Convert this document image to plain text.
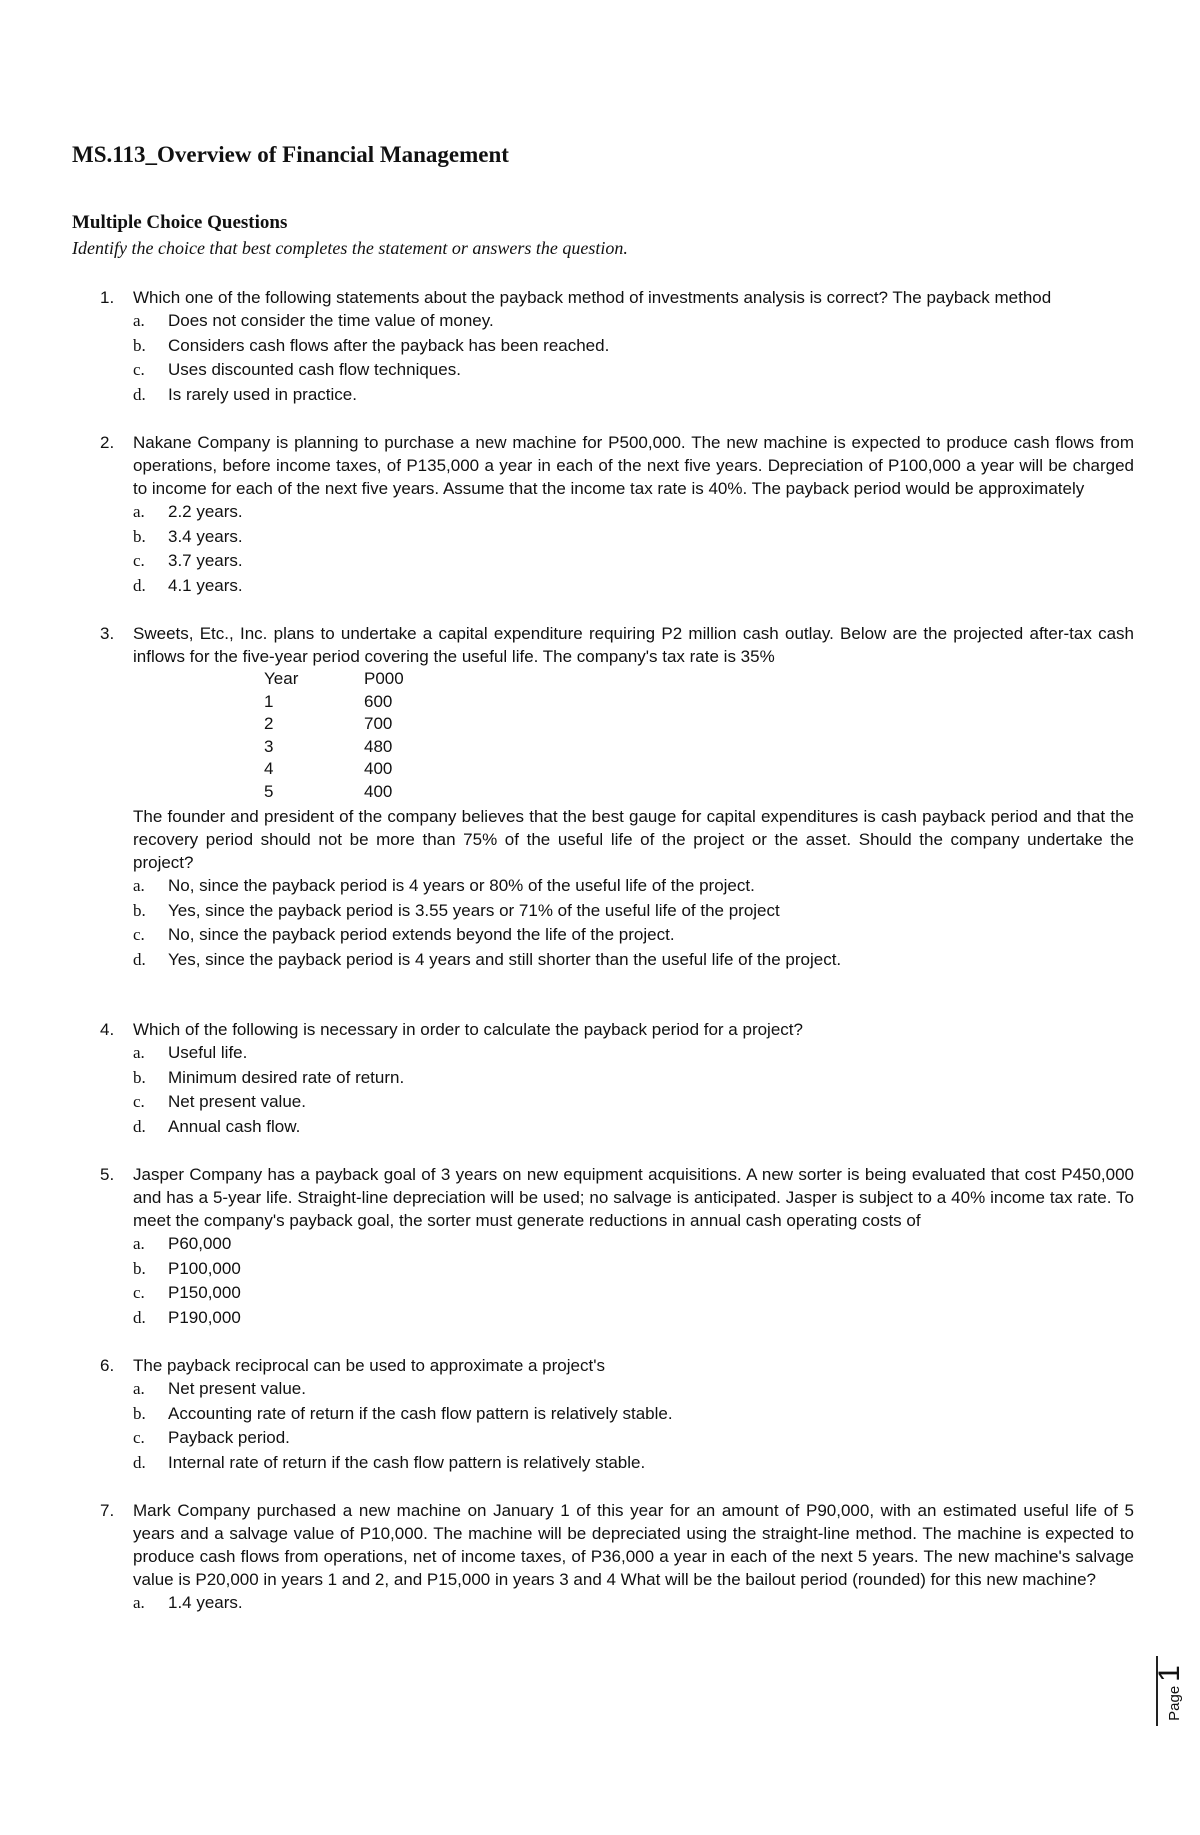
MS.113_Overview of Financial Management
Multiple Choice Questions

Identify the choice that best completes the statement or answers the question.

1. Which one of the following statements about the payback method of investments analysis is correct? The payback method

a. Does not consider the time value of money.
b. Considers cash flows after the payback has been reached.
c. Uses discounted cash flow techniques.
d. Is rarely used in practice.
2. Nakane Company is planning to purchase a new machine for P500,000. The new machine is expected to produce cash flows from operations, before income taxes, of P135,000 a year in each of the next five years. Depreciation of P100,000 a year will be charged to income for each of the next five years. Assume that the income tax rate is 40%. The payback period would be approximately

a. 2.2 years.
b. 3.4 years.
c. 3.7 years.
d. 4.1 years.
3. Sweets, Etc., Inc. plans to undertake a capital expenditure requiring P2 million cash outlay. Below are the projected after-tax cash inflows for the five-year period covering the useful life. The company's tax rate is 35%

Year	P000
1	600
2	700
3	480
4	400
5	400

The founder and president of the company believes that the best gauge for capital expenditures is cash payback period and that the recovery period should not be more than 75% of the useful life of the project or the asset. Should the company undertake the project?

a. No, since the payback period is 4 years or 80% of the useful life of the project.
b. Yes, since the payback period is 3.55 years or 71% of the useful life of the project
c. No, since the payback period extends beyond the life of the project.
d. Yes, since the payback period is 4 years and still shorter than the useful life of the project.
4. Which of the following is necessary in order to calculate the payback period for a project?

a. Useful life.
b. Minimum desired rate of return.
c. Net present value.
d. Annual cash flow.
5. Jasper Company has a payback goal of 3 years on new equipment acquisitions. A new sorter is being evaluated that cost P450,000 and has a 5-year life. Straight-line depreciation will be used; no salvage is anticipated. Jasper is subject to a 40% income tax rate. To meet the company's payback goal, the sorter must generate reductions in annual cash operating costs of

a. P60,000
b. P100,000
c. P150,000
d. P190,000
6. The payback reciprocal can be used to approximate a project's

a. Net present value.
b. Accounting rate of return if the cash flow pattern is relatively stable.
c. Payback period.
d. Internal rate of return if the cash flow pattern is relatively stable.
7. Mark Company purchased a new machine on January 1 of this year for an amount of P90,000, with an estimated useful life of 5 years and a salvage value of P10,000. The machine will be depreciated using the straight-line method. The machine is expected to produce cash flows from operations, net of income taxes, of P36,000 a year in each of the next 5 years. The new machine's salvage value is P20,000 in years 1 and 2, and P15,000 in years 3 and 4 What will be the bailout period (rounded) for this new machine?

a. 1.4 years.
Page1
